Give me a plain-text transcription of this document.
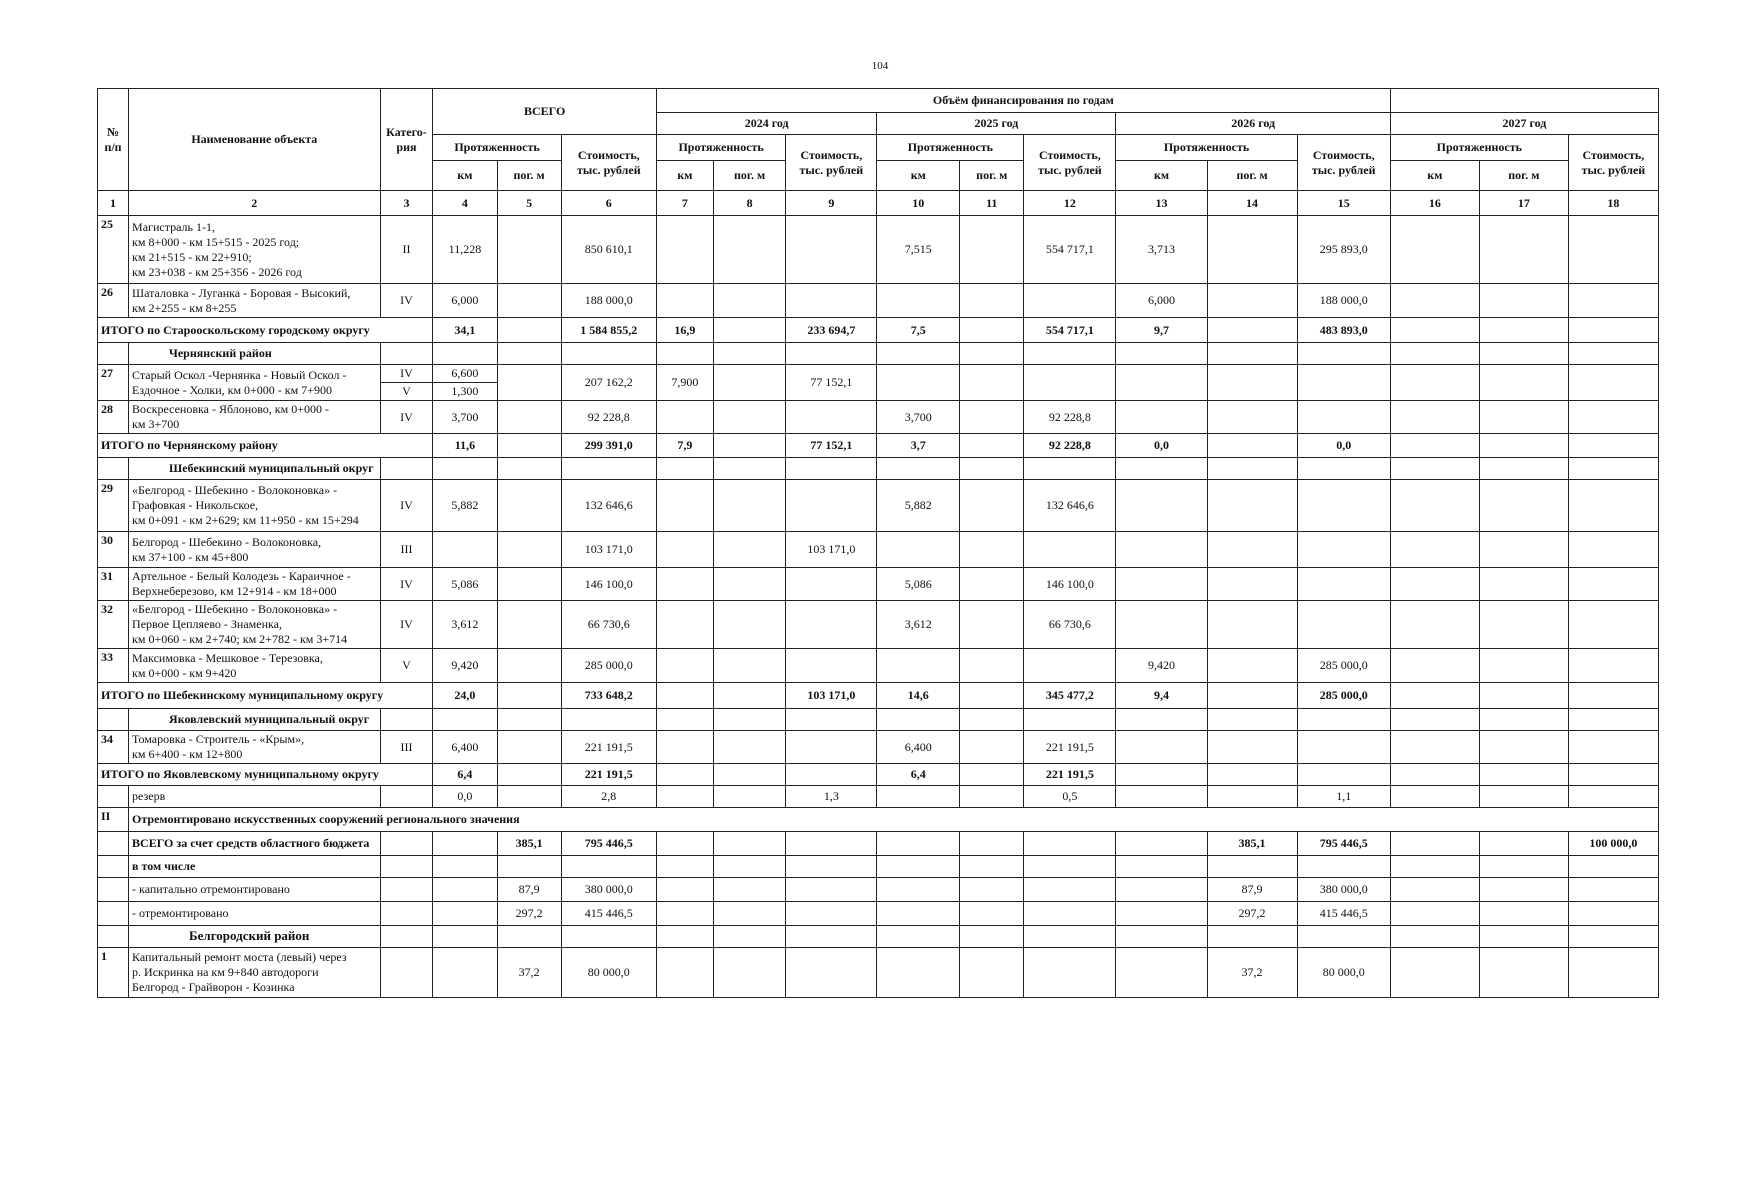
104
№ п/п	Наименование объекта	Катего-рия	ВСЕГО			Объём финансирования по годам											
						2024 год			2025 год			2026 год			2027 год		
			Протяженность		Стоимость, тыс. рублей	Протяженность		Стоимость, тыс. рублей	Протяженность		Стоимость, тыс. рублей	Протяженность		Стоимость, тыс. рублей	Протяженность		Стоимость, тыс. рублей
			км	пог. м		км	пог. м		км	пог. м		км	пог. м		км	пог. м	
1	2	3	4	5	6	7	8	9	10	11	12	13	14	15	16	17	18
25	Магистраль 1-1,
км 8+000 - км 15+515 - 2025 год;
км 21+515 - км 22+910;
км 23+038 - км 25+356 - 2026 год	II	11,228		850 610,1				7,515		554 717,1	3,713		295 893,0			
26	Шаталовка - Луганка - Боровая - Высокий,
км 2+255 - км 8+255	IV	6,000		188 000,0							6,000		188 000,0			
ИТОГО по Старооскольскому городскому округу			34,1		1 584 855,2	16,9		233 694,7	7,5		554 717,1	9,7		483 893,0			
	Чернянский район																
27	Старый Оскол -Чернянка - Новый Оскол -
Ездочное - Холки, км 0+000 - км 7+900	IV	6,600		207 162,2	7,900		77 152,1									
		V	1,300														
28	Воскресеновка - Яблоново, км 0+000 -
км 3+700	IV	3,700		92 228,8				3,700		92 228,8						
ИТОГО по Чернянскому району			11,6		299 391,0	7,9		77 152,1	3,7		92 228,8	0,0		0,0			
	Шебекинский муниципальный округ																
29	«Белгород - Шебекино - Волоконовка» -
Графовкая - Никольское,
км 0+091 - км 2+629; км 11+950 - км 15+294	IV	5,882		132 646,6				5,882		132 646,6						
30	Белгород - Шебекино - Волоконовка,
км 37+100 - км 45+800	III			103 171,0			103 171,0									
31	Артельное - Белый Колодезь - Караичное -
Верхнеберезово, км 12+914 - км 18+000	IV	5,086		146 100,0				5,086		146 100,0						
32	«Белгород - Шебекино - Волоконовка» -
Первое Цепляево - Знаменка,
км 0+060 - км 2+740; км 2+782 - км 3+714	IV	3,612		66 730,6				3,612		66 730,6						
33	Максимовка - Мешковое - Терезовка,
км 0+000 - км 9+420	V	9,420		285 000,0							9,420		285 000,0			
ИТОГО по Шебекинскому муниципальному округу			24,0		733 648,2			103 171,0	14,6		345 477,2	9,4		285 000,0			
	Яковлевский муниципальный округ																
34	Томаровка - Строитель - «Крым»,
км 6+400 - км 12+800	III	6,400		221 191,5				6,400		221 191,5						
ИТОГО по Яковлевскому муниципальному округу			6,4		221 191,5				6,4		221 191,5						
	резерв		0,0		2,8			1,3			0,5			1,1			
II	Отремонтировано искусственных сооружений регионального значения																
	ВСЕГО за счет средств областного бюджета			385,1	795 446,5								385,1	795 446,5			100 000,0
	в том числе																
	- капитально отремонтировано			87,9	380 000,0								87,9	380 000,0			
	- отремонтировано			297,2	415 446,5								297,2	415 446,5			
	Белгородский район																
1	Капитальный ремонт моста (левый) через
р. Искринка на км 9+840 автодороги
Белгород - Грайворон - Козинка			37,2	80 000,0								37,2	80 000,0			
